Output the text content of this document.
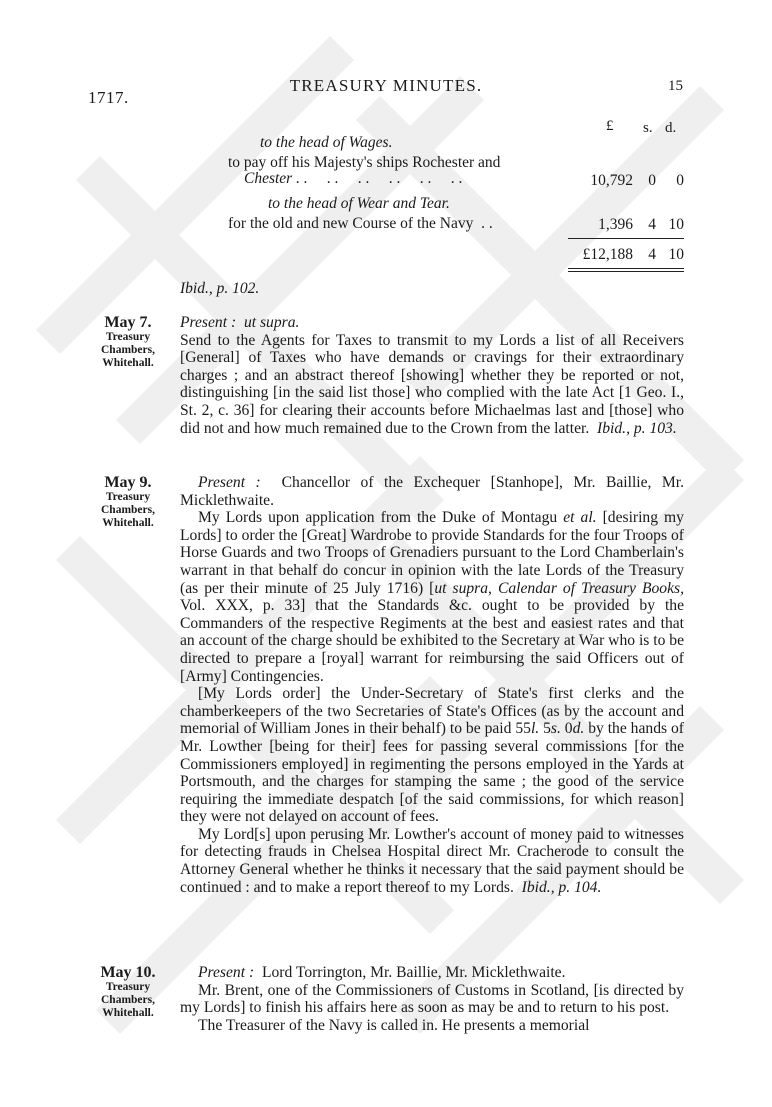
1717.
TREASURY MINUTES.	15
£ s. d.
to the head of Wages.
to pay off his Majesty's ships Rochester and
Chester . .     . .     . .     . .     . .     . .	10,792 0	0
to the head of Wear and Tear.
for the old and new Course of the Navy  . .	1,396 4 10
£12,188 4 10
Ibid., p. 102.
May 7.
Treasury
Chambers,
Whitehall.

Present : ut supra.

Send to the Agents for Taxes to transmit to my Lords a list of all Receivers [General] of Taxes who have demands or cravings for their extraordinary charges ; and an abstract thereof [showing] whether they be reported or not, distinguishing [in the said list those] who complied with the late Act [1 Geo. I., St. 2, c. 36] for clearing their accounts before Michaelmas last and [those] who did not and how much remained due to the Crown from the latter. Ibid., p. 103.

May 9.
Treasury
Chambers,
Whitehall.

Present : Chancellor of the Exchequer [Stanhope], Mr. Baillie, Mr. Micklethwaite.

My Lords upon application from the Duke of Montagu et al. [desiring my Lords] to order the [Great] Wardrobe to provide Standards for the four Troops of Horse Guards and two Troops of Grenadiers pursuant to the Lord Chamberlain's warrant in that behalf do concur in opinion with the late Lords of the Treasury (as per their minute of 25 July 1716) [ut supra, Calendar of Treasury Books, Vol. XXX, p. 33] that the Standards &c. ought to be provided by the Commanders of the respective Regiments at the best and easiest rates and that an account of the charge should be exhibited to the Secretary at War who is to be directed to prepare a [royal] warrant for reimbursing the said Officers out of [Army] Contingencies.

[My Lords order] the Under-Secretary of State's first clerks and the chamberkeepers of the two Secretaries of State's Offices (as by the account and memorial of William Jones in their behalf) to be paid 55l. 5s. 0d. by the hands of Mr. Lowther [being for their] fees for passing several commissions [for the Commissioners employed] in regimenting the persons employed in the Yards at Portsmouth, and the charges for stamping the same ; the good of the service requiring the immediate despatch [of the said commissions, for which reason] they were not delayed on account of fees.

My Lord[s] upon perusing Mr. Lowther's account of money paid to witnesses for detecting frauds in Chelsea Hospital direct Mr. Cracherode to consult the Attorney General whether he thinks it necessary that the said payment should be continued : and to make a report thereof to my Lords. Ibid., p. 104.

May 10.
Treasury
Chambers,
Whitehall.

Present : Lord Torrington, Mr. Baillie, Mr. Micklethwaite.

Mr. Brent, one of the Commissioners of Customs in Scotland, [is directed by my Lords] to finish his affairs here as soon as may be and to return to his post.

The Treasurer of the Navy is called in. He presents a memorial
